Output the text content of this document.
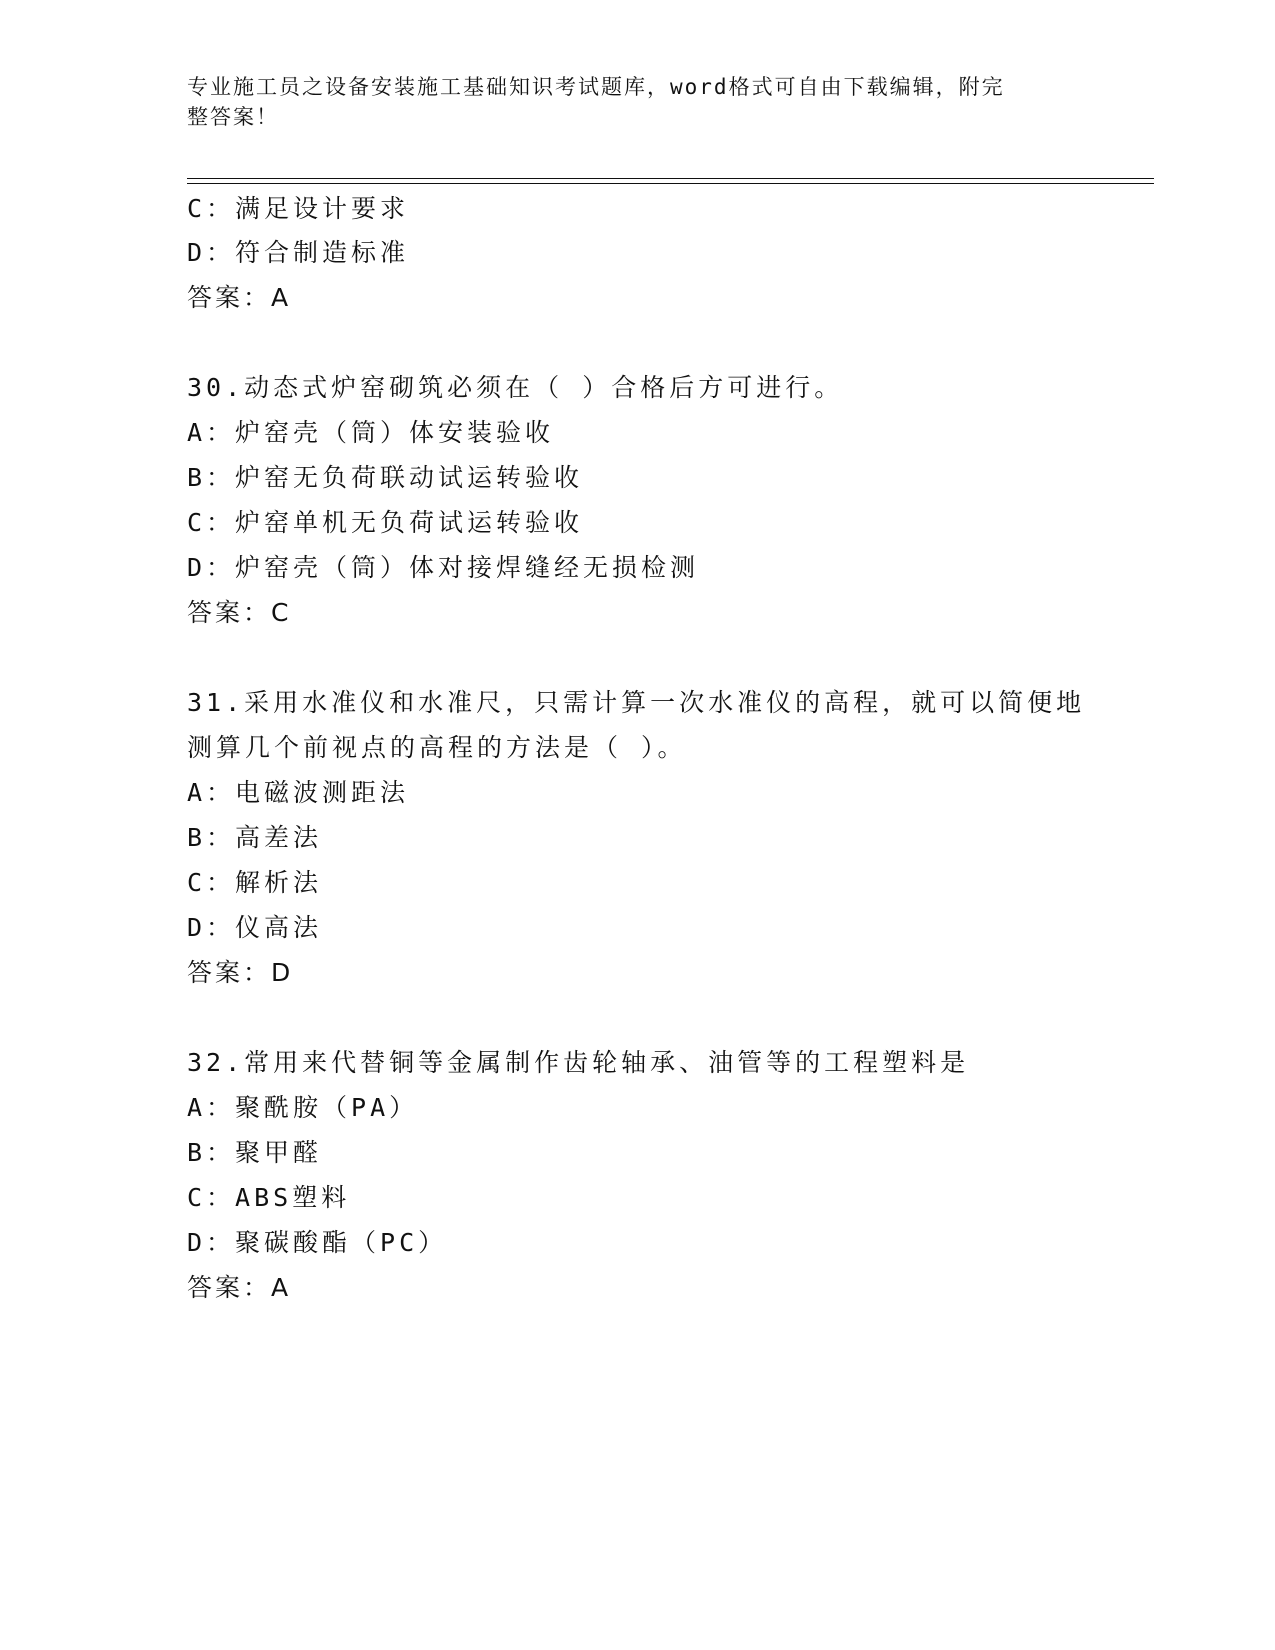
专业施工员之设备安装施工基础知识考试题库，word格式可自由下载编辑，附完
整答案！
C：满足设计要求
D：符合制造标准
答案：A
30.动态式炉窑砌筑必须在（ ）合格后方可进行。
A：炉窑壳（筒）体安装验收
B：炉窑无负荷联动试运转验收
C：炉窑单机无负荷试运转验收
D：炉窑壳（筒）体对接焊缝经无损检测
答案：C
31.采用水准仪和水准尺，只需计算一次水准仪的高程，就可以简便地
测算几个前视点的高程的方法是（ ）。
A：电磁波测距法
B：高差法
C：解析法
D：仪高法
答案：D
32.常用来代替铜等金属制作齿轮轴承、油管等的工程塑料是
A：聚酰胺（PA）
B：聚甲醛
C：ABS塑料
D：聚碳酸酯（PC）
答案：A
